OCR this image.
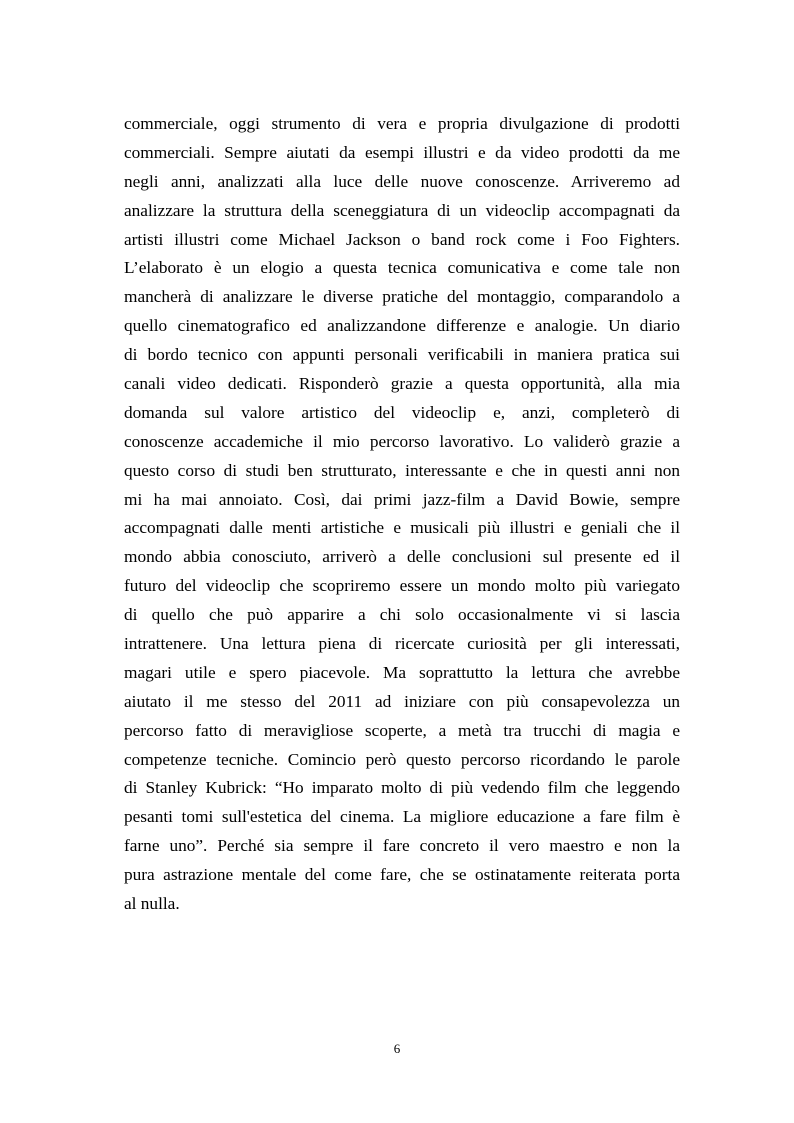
commerciale, oggi strumento di vera e propria divulgazione di prodotti
commerciali. Sempre aiutati da esempi illustri e da video prodotti da me
negli anni, analizzati alla luce delle nuove conoscenze. Arriveremo ad
analizzare la struttura della sceneggiatura di un videoclip accompagnati da
artisti illustri come Michael Jackson o band rock come i Foo Fighters.
L’elaborato è un elogio a questa tecnica comunicativa e come tale non
mancherà di analizzare le diverse pratiche del montaggio, comparandolo a
quello cinematografico ed analizzandone differenze e analogie. Un diario
di bordo tecnico con appunti personali verificabili in maniera pratica sui
canali video dedicati. Risponderò grazie a questa opportunità, alla mia
domanda sul valore artistico del videoclip e, anzi, completerò di
conoscenze accademiche il mio percorso lavorativo. Lo validerò grazie a
questo corso di studi ben strutturato, interessante e che in questi anni non
mi ha mai annoiato. Così, dai primi jazz-film a David Bowie, sempre
accompagnati dalle menti artistiche e musicali più illustri e geniali che il
mondo abbia conosciuto, arriverò a delle conclusioni sul presente ed il
futuro del videoclip che scopriremo essere un mondo molto più variegato
di quello che può apparire a chi solo occasionalmente vi si lascia
intrattenere. Una lettura piena di ricercate curiosità per gli interessati,
magari utile e spero piacevole. Ma soprattutto la lettura che avrebbe
aiutato il me stesso del 2011 ad iniziare con più consapevolezza un
percorso fatto di meravigliose scoperte, a metà tra trucchi di magia e
competenze tecniche. Comincio però questo percorso ricordando le parole
di Stanley Kubrick: “Ho imparato molto di più vedendo film che leggendo
pesanti tomi sull'estetica del cinema. La migliore educazione a fare film è
farne uno”. Perché sia sempre il fare concreto il vero maestro e non la
pura astrazione mentale del come fare, che se ostinatamente reiterata porta
al nulla.
6
